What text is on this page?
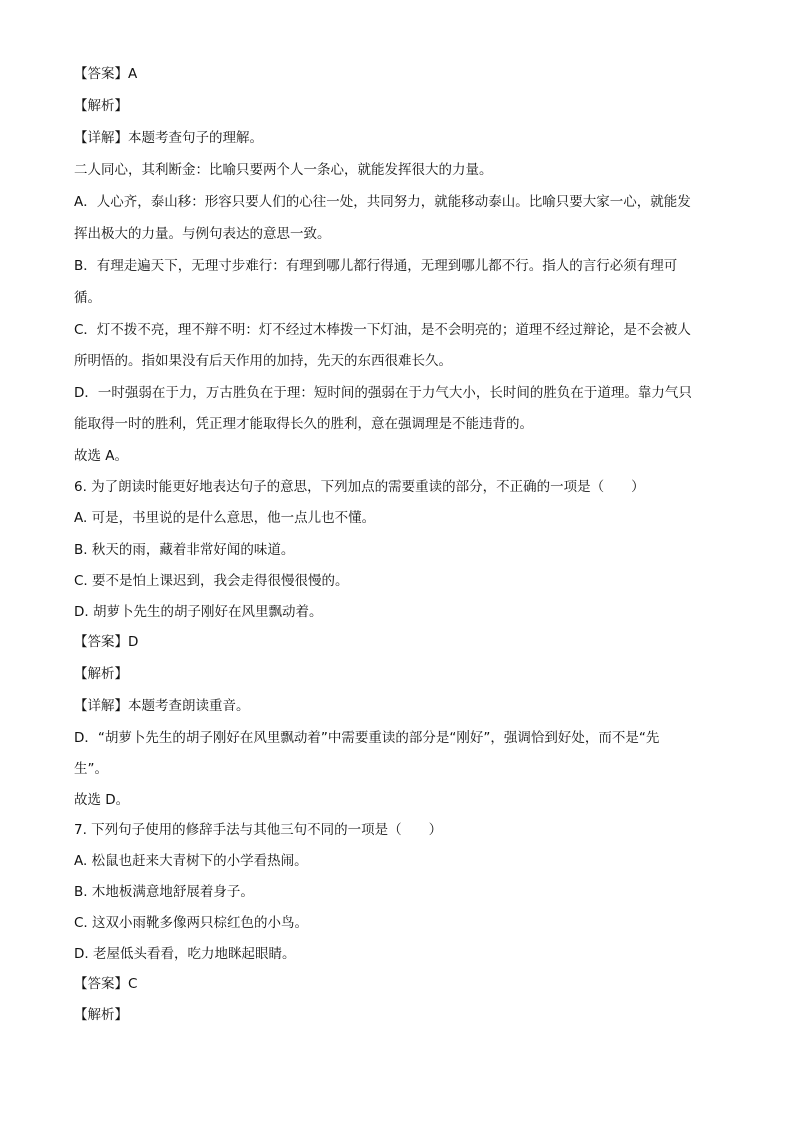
【答案】A
【解析】
【详解】本题考查句子的理解。
二人同心，其利断金：比喻只要两个人一条心，就能发挥很大的力量。
A．人心齐，泰山移：形容只要人们的心往一处，共同努力，就能移动泰山。比喻只要大家一心，就能发
挥出极大的力量。与例句表达的意思一致。
B．有理走遍天下，无理寸步难行：有理到哪儿都行得通，无理到哪儿都不行。指人的言行必须有理可
循。
C．灯不拨不亮，理不辩不明：灯不经过木棒拨一下灯油，是不会明亮的；道理不经过辩论，是不会被人
所明悟的。指如果没有后天作用的加持，先天的东西很难长久。
D．一时强弱在于力，万古胜负在于理：短时间的强弱在于力气大小，长时间的胜负在于道理。靠力气只
能取得一时的胜利，凭正理才能取得长久的胜利，意在强调理是不能违背的。
故选 A。
6. 为了朗读时能更好地表达句子的意思，下列加点的需要重读的部分，不正确的一项是（　　）
A. 可是，书里说的是什么意思，他一点儿也不懂。
B. 秋天的雨，藏着非常好闻的味道。
C. 要不是怕上课迟到，我会走得很慢很慢的。
D. 胡萝卜先生的胡子刚好在风里飘动着。
【答案】D
【解析】
【详解】本题考查朗读重音。
D．“胡萝卜先生的胡子刚好在风里飘动着”中需要重读的部分是“刚好”，强调恰到好处，而不是“先
生”。
故选 D。
7. 下列句子使用的修辞手法与其他三句不同的一项是（　　）
A. 松鼠也赶来大青树下的小学看热闹。
B. 木地板满意地舒展着身子。
C. 这双小雨靴多像两只棕红色的小鸟。
D. 老屋低头看看，吃力地眯起眼睛。
【答案】C
【解析】
